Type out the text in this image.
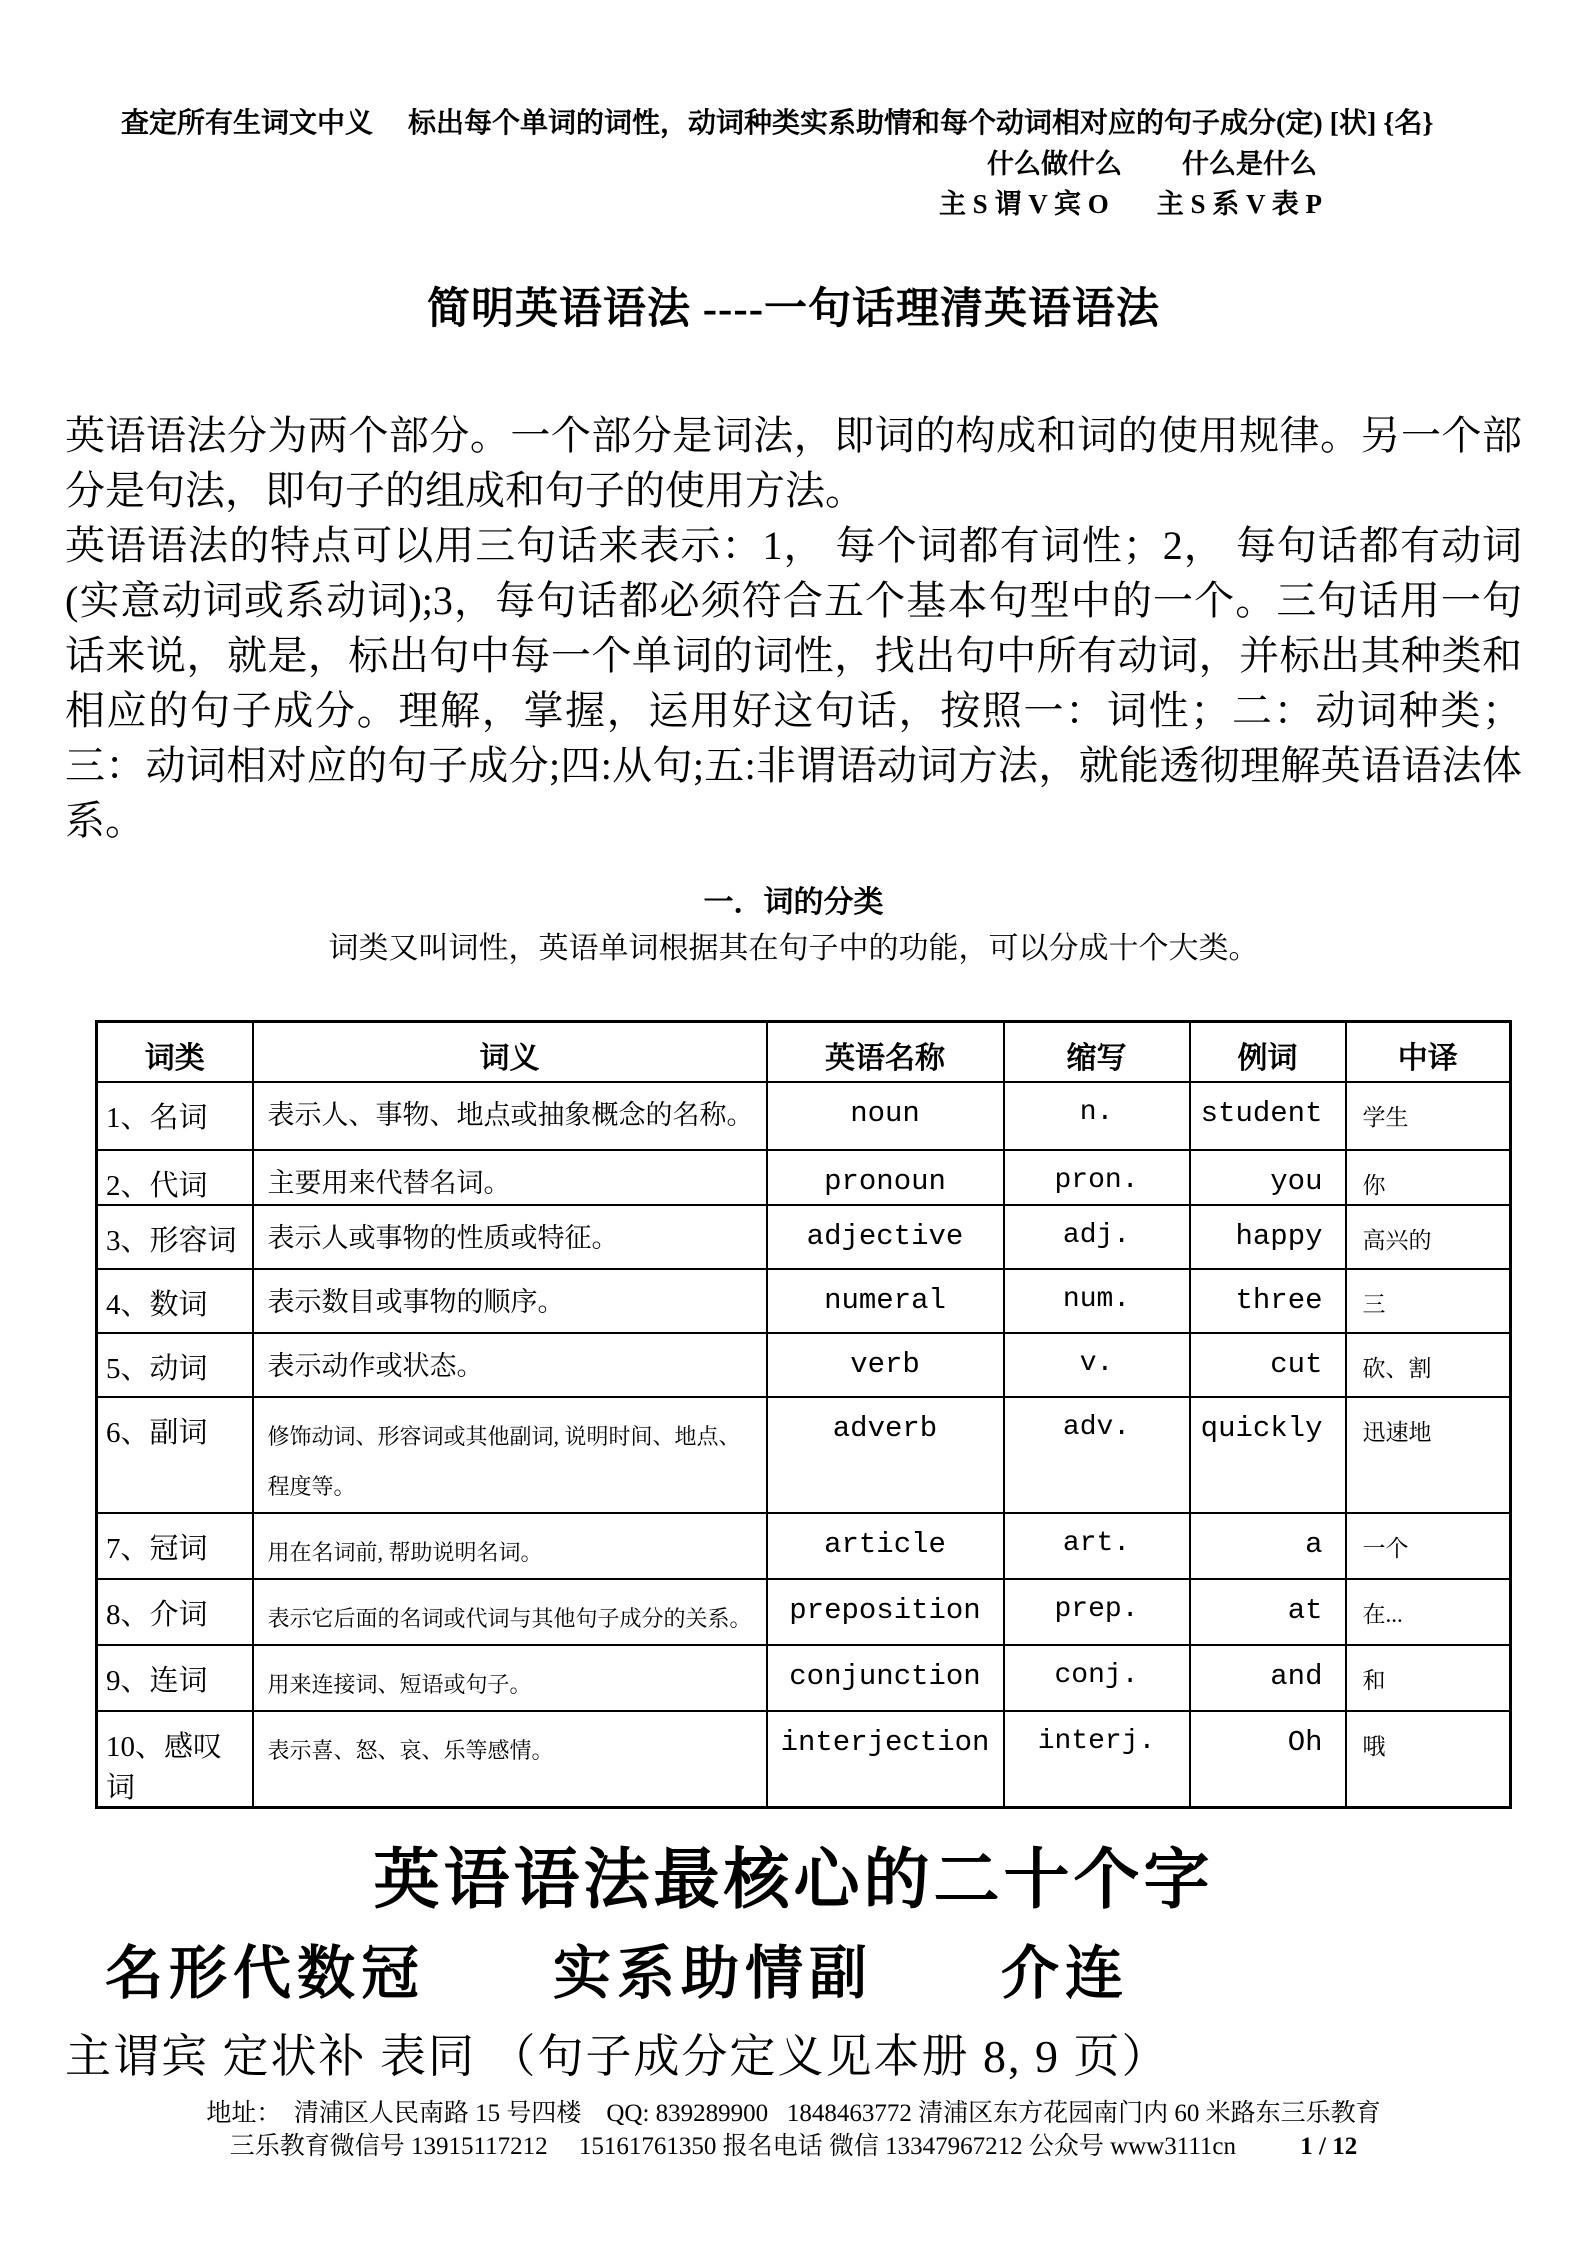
查定所有生词文中义　 标出每个单词的词性，动词种类实系助情和每个动词相对应的句子成分(定) [状] {名}
什么做什么 什么是什么
主 S 谓 V 宾 O 主 S 系 V 表 P
简明英语语法 ----一句话理清英语语法
英语语法分为两个部分。一个部分是词法，即词的构成和词的使用规律。另一个部分是句法，即句子的组成和句子的使用方法。
英语语法的特点可以用三句话来表示：1， 每个词都有词性；2， 每句话都有动词(实意动词或系动词);3，每句话都必须符合五个基本句型中的一个。三句话用一句话来说，就是，标出句中每一个单词的词性，找出句中所有动词，并标出其种类和相应的句子成分。理解，掌握，运用好这句话，按照一：词性；二：动词种类；三：动词相对应的句子成分;四:从句;五:非谓语动词方法，就能透彻理解英语语法体系。
一．词的分类
词类又叫词性，英语单词根据其在句子中的功能，可以分成十个大类。
词类	词义	英语名称	缩写	例词	中译
1、名词	表示人、事物、地点或抽象概念的名称。	noun	n.	student	学生
2、代词	主要用来代替名词。	pronoun	pron.	you	你
3、形容词	表示人或事物的性质或特征。	adjective	adj.	happy	高兴的
4、数词	表示数目或事物的顺序。	numeral	num.	three	三
5、动词	表示动作或状态。	verb	v.	cut	砍、割
6、副词	修饰动词、形容词或其他副词, 说明时间、地点、程度等。	adverb	adv.	quickly	迅速地
7、冠词	用在名词前, 帮助说明名词。	article	art.	a	一个
8、介词	表示它后面的名词或代词与其他句子成分的关系。	preposition	prep.	at	在...
9、连词	用来连接词、短语或句子。	conjunction	conj.	and	和
10、感叹词	表示喜、怒、哀、乐等感情。	interjection	interj.	Oh	哦
英语语法最核心的二十个字
名形代数冠　　实系助情副　　介连
主谓宾 定状补 表同 （句子成分定义见本册 8, 9 页）
地址：  清浦区人民南路 15 号四楼    QQ: 839289900   1848463772 清浦区东方花园南门内 60 米路东三乐教育
三乐教育微信号 13915117212     15161761350 报名电话 微信 13347967212 公众号 www3111cn	1 / 12
